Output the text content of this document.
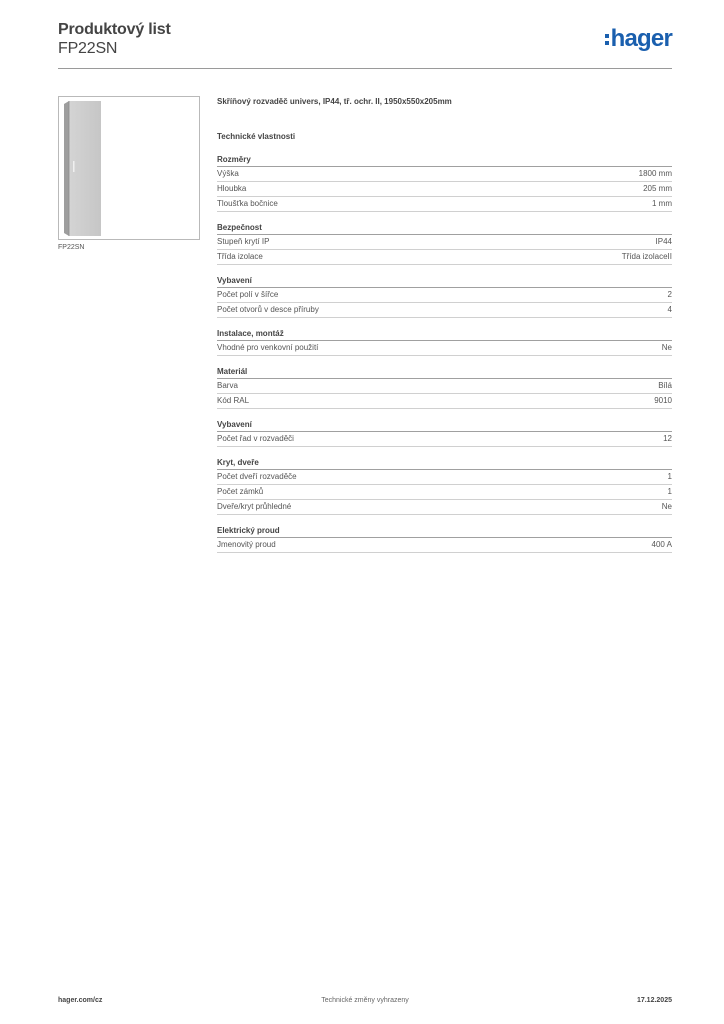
Produktový list
FP22SN	hager
FP22SN
Skříňový rozvaděč univers, IP44, tř. ochr. II, 1950x550x205mm
Technické vlastnosti
Rozměry
Výška	1800 mm
Hloubka	205 mm
Tloušťka bočnice	1 mm
Bezpečnost
Stupeň krytí IP	IP44
Třída izolace	Třída izolaceII
Vybavení
Počet polí v šířce	2
Počet otvorů v desce příruby	4
Instalace, montáž
Vhodné pro venkovní použití	Ne
Materiál
Barva	Bílá
Kód RAL	9010
Vybavení
Počet řad v rozvaděči	12
Kryt, dveře
Počet dveří rozvaděče	1
Počet zámků	1
Dveře/kryt průhledné	Ne
Elektrický proud
Jmenovitý proud	400 A
hager.com/cz	Technické změny vyhrazeny	17.12.2025
